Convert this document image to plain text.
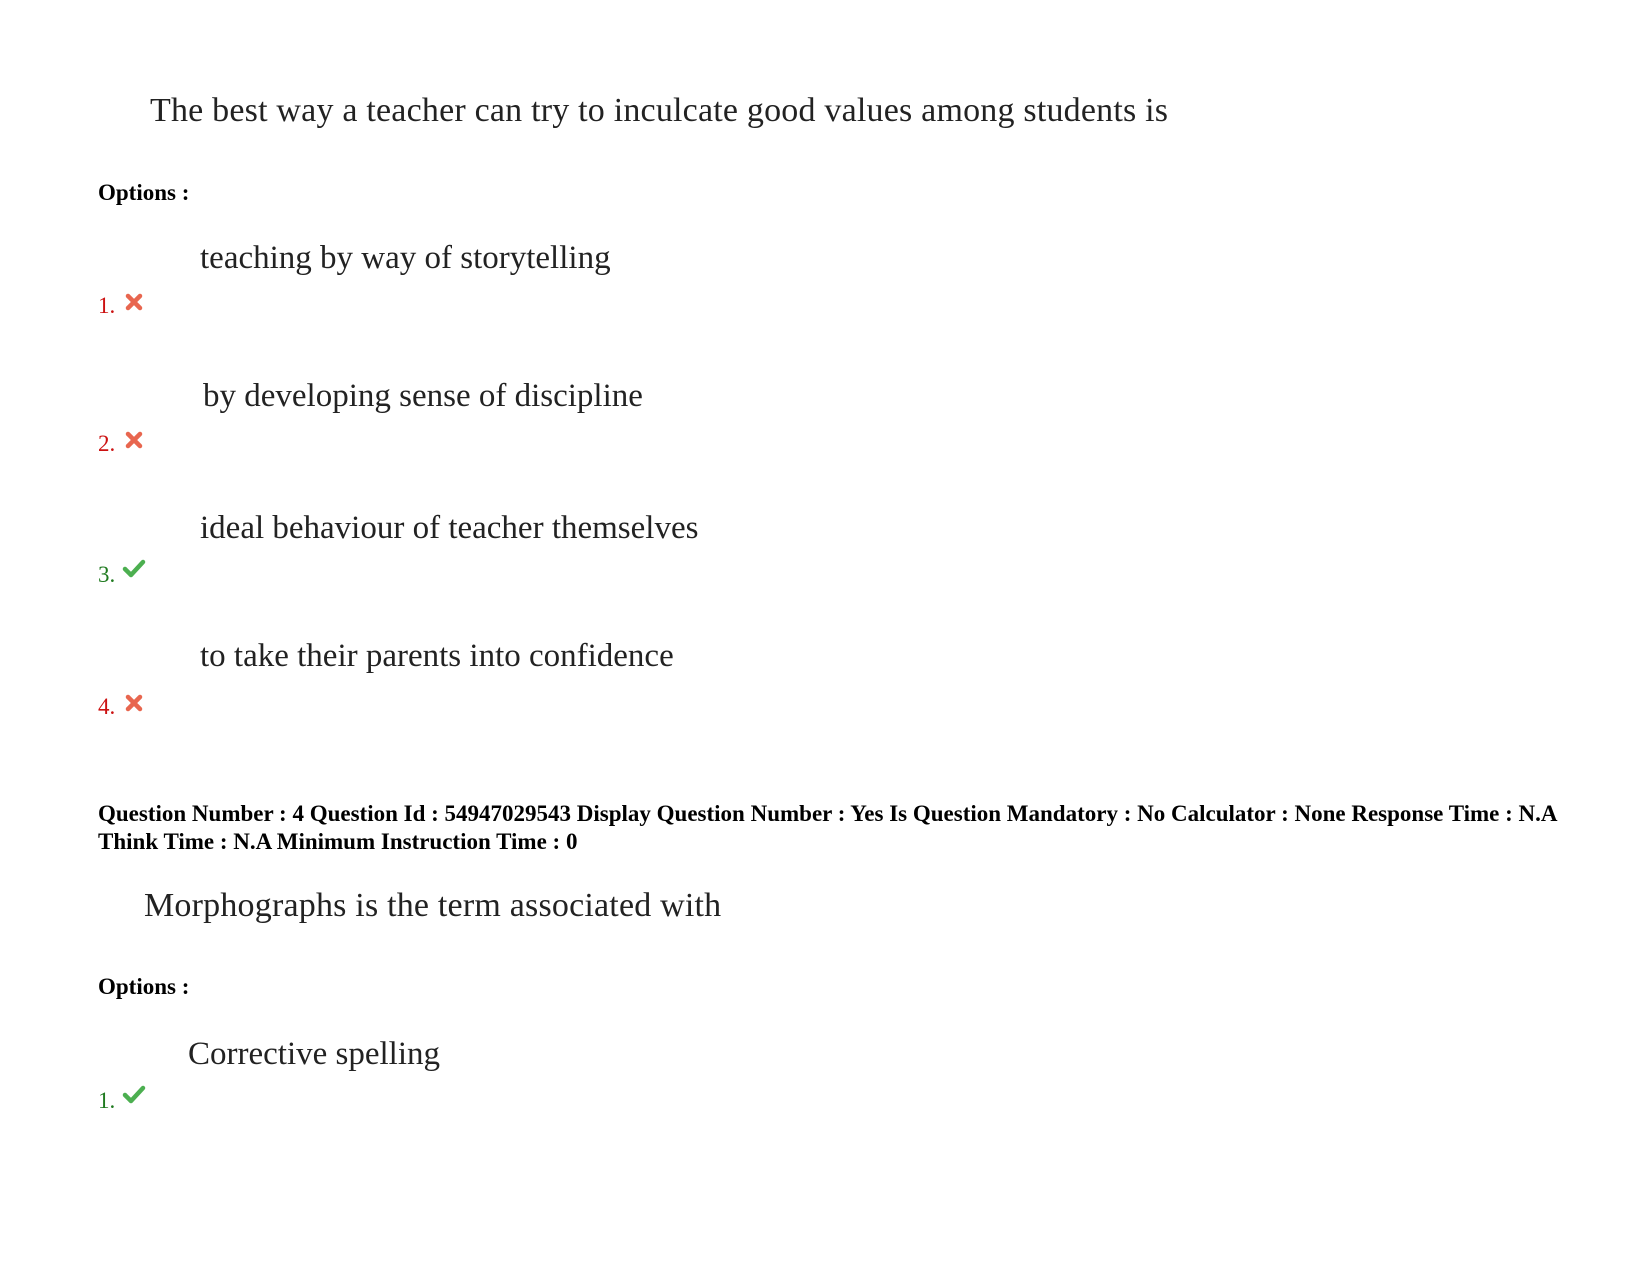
The best way a teacher can try to inculcate good values among students is
Options :
teaching by way of storytelling
1.
by developing sense of discipline
2.
ideal behaviour of teacher themselves
3.
to take their parents into confidence
4.
Question Number : 4 Question Id : 54947029543 Display Question Number : Yes Is Question Mandatory : No Calculator : None Response Time : N.A Think Time : N.A Minimum Instruction Time : 0
Morphographs is the term associated with
Options :
Corrective spelling
1.
